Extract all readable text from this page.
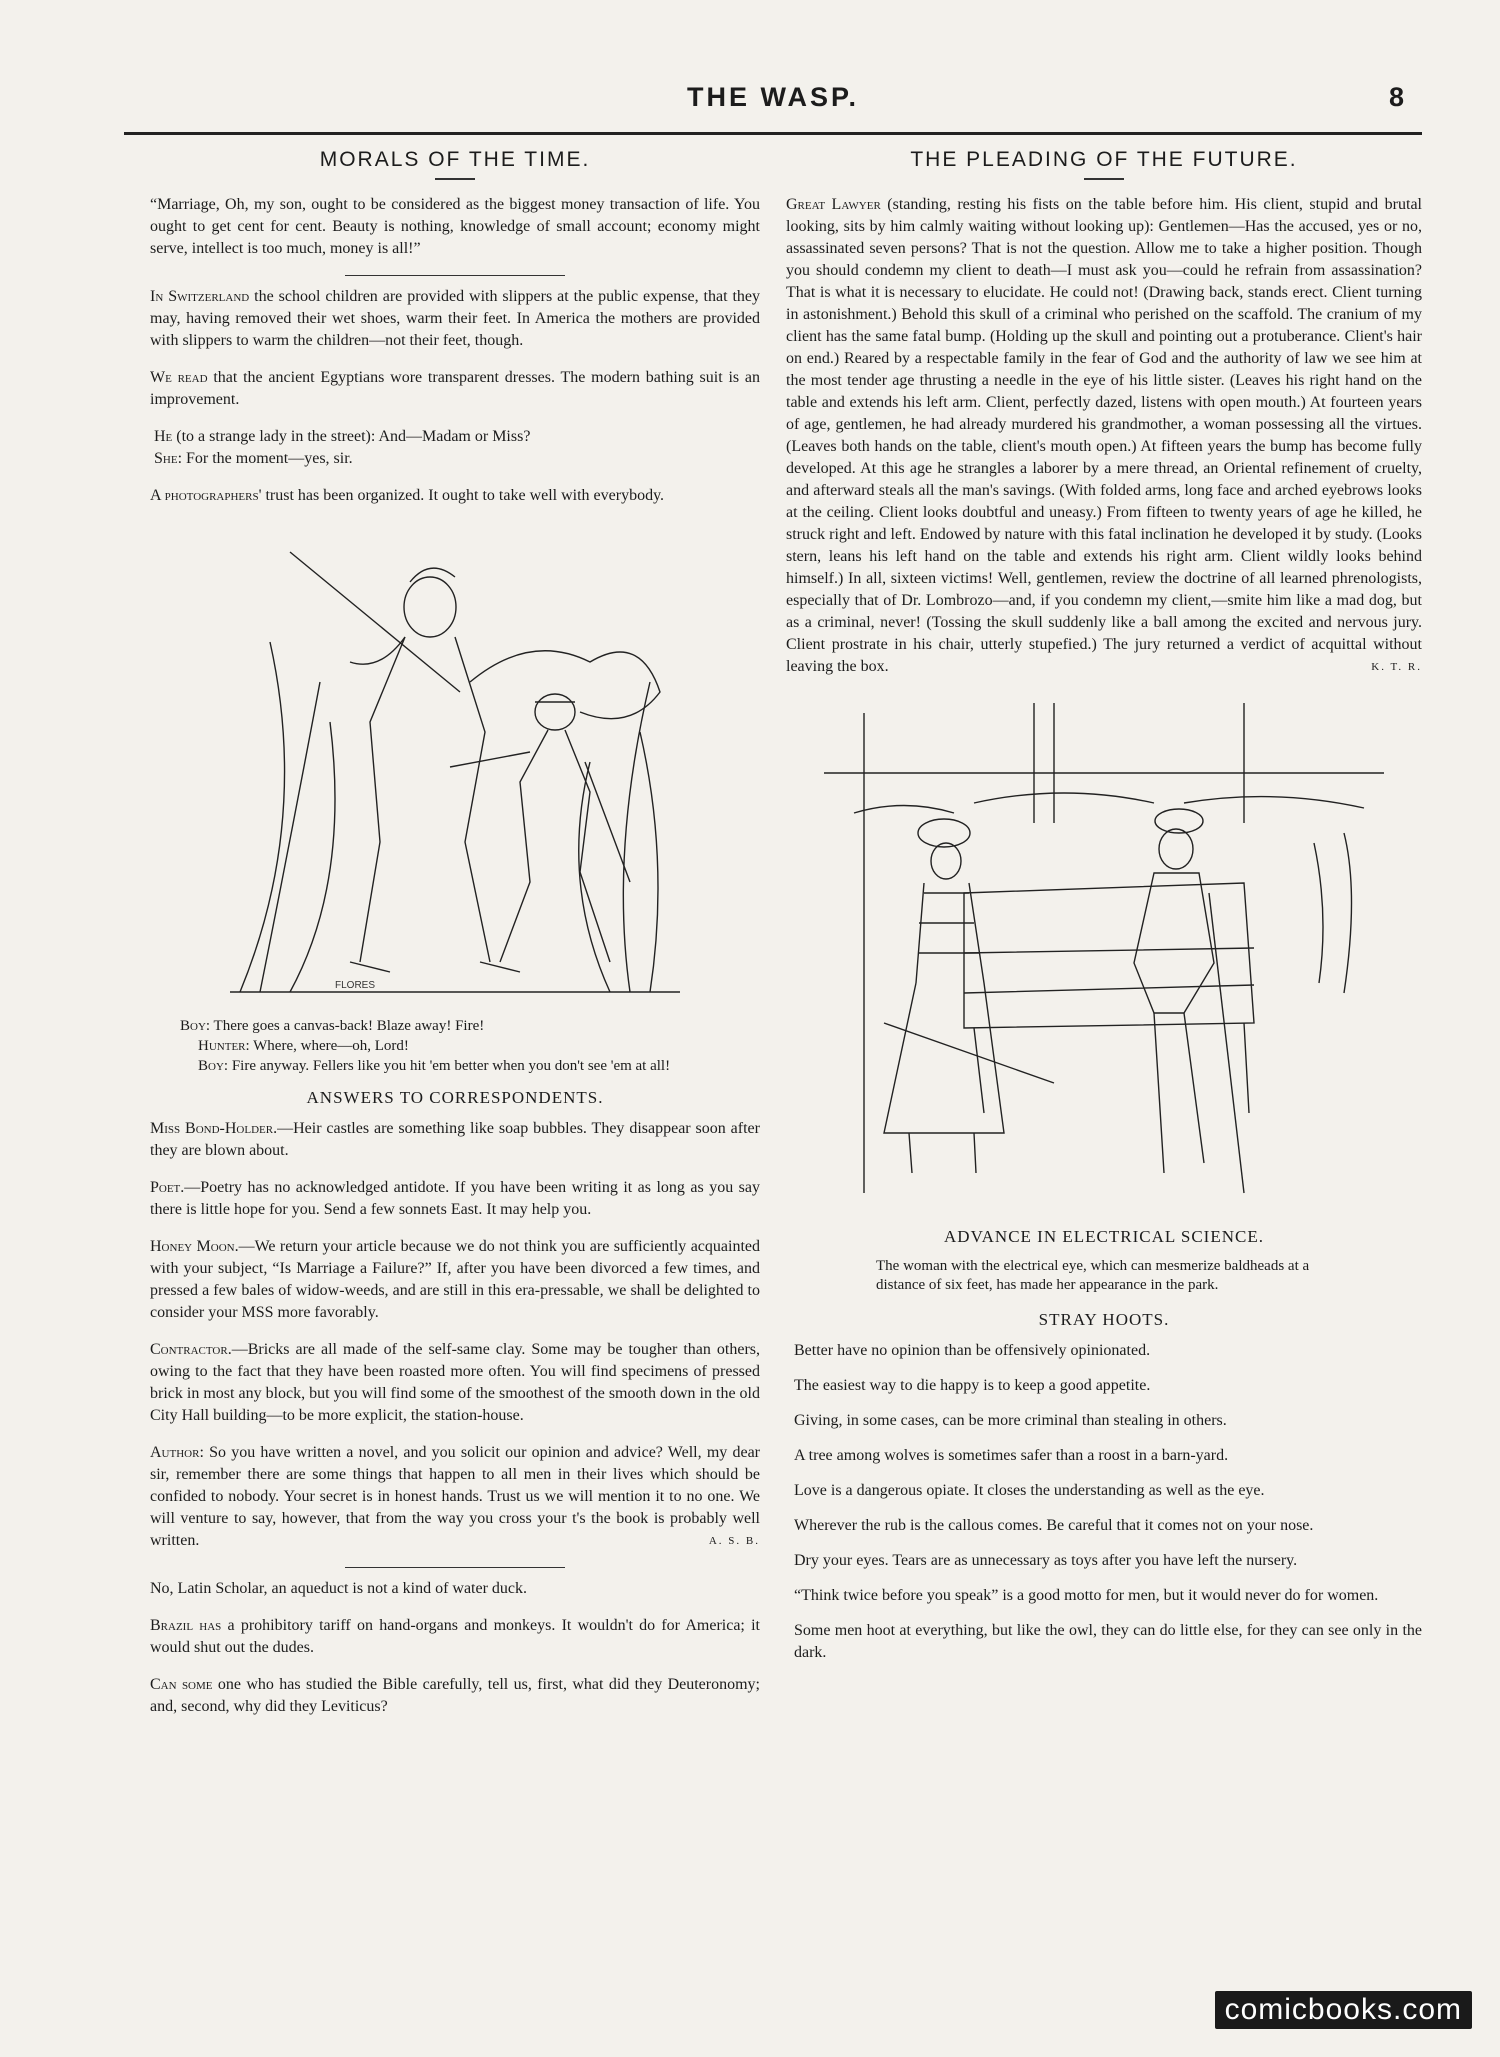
THE WASP.	8
MORALS OF THE TIME.

“Marriage, Oh, my son, ought to be considered as the biggest money transaction of life. You ought to get cent for cent. Beauty is nothing, knowledge of small account; economy might serve, intellect is too much, money is all!”

In Switzerland the school children are provided with slippers at the public expense, that they may, having removed their wet shoes, warm their feet. In America the mothers are provided with slippers to warm the children—not their feet, though.

We read that the ancient Egyptians wore transparent dresses. The modern bathing suit is an improvement.

He (to a strange lady in the street): And—Madam or Miss?
She: For the moment—yes, sir.

A photographers' trust has been organized. It ought to take well with everybody.

FLORES
Boy: There goes a canvas-back! Blaze away! Fire!
Hunter: Where, where—oh, Lord!
Boy: Fire anyway. Fellers like you hit 'em better when you don't see 'em at all!
ANSWERS TO CORRESPONDENTS.

Miss Bond-Holder.—Heir castles are something like soap bubbles. They disappear soon after they are blown about.

Poet.—Poetry has no acknowledged antidote. If you have been writing it as long as you say there is little hope for you. Send a few sonnets East. It may help you.

Honey Moon.—We return your article because we do not think you are sufficiently acquainted with your subject, “Is Marriage a Failure?” If, after you have been divorced a few times, and pressed a few bales of widow-weeds, and are still in this era-pressable, we shall be delighted to consider your MSS more favorably.

Contractor.—Bricks are all made of the self-same clay. Some may be tougher than others, owing to the fact that they have been roasted more often. You will find specimens of pressed brick in most any block, but you will find some of the smoothest of the smooth down in the old City Hall building—to be more explicit, the station-house.

Author: So you have written a novel, and you solicit our opinion and advice? Well, my dear sir, remember there are some things that happen to all men in their lives which should be confided to nobody. Your secret is in honest hands. Trust us we will mention it to no one. We will venture to say, however, that from the way you cross your t's the book is probably well written.	A. S. B.

No, Latin Scholar, an aqueduct is not a kind of water duck.

Brazil has a prohibitory tariff on hand-organs and monkeys. It wouldn't do for America; it would shut out the dudes.

Can some one who has studied the Bible carefully, tell us, first, what did they Deuteronomy; and, second, why did they Leviticus?

THE PLEADING OF THE FUTURE.

Great Lawyer (standing, resting his fists on the table before him. His client, stupid and brutal looking, sits by him calmly waiting without looking up): Gentlemen—Has the accused, yes or no, assassinated seven persons? That is not the question. Allow me to take a higher position. Though you should condemn my client to death—I must ask you—could he refrain from assassination? That is what it is necessary to elucidate. He could not! (Drawing back, stands erect. Client turning in astonishment.) Behold this skull of a criminal who perished on the scaffold. The cranium of my client has the same fatal bump. (Holding up the skull and pointing out a protuberance. Client's hair on end.) Reared by a respectable family in the fear of God and the authority of law we see him at the most tender age thrusting a needle in the eye of his little sister. (Leaves his right hand on the table and extends his left arm. Client, perfectly dazed, listens with open mouth.) At fourteen years of age, gentlemen, he had already murdered his grandmother, a woman possessing all the virtues. (Leaves both hands on the table, client's mouth open.) At fifteen years the bump has become fully developed. At this age he strangles a laborer by a mere thread, an Oriental refinement of cruelty, and afterward steals all the man's savings. (With folded arms, long face and arched eyebrows looks at the ceiling. Client looks doubtful and uneasy.) From fifteen to twenty years of age he killed, he struck right and left. Endowed by nature with this fatal inclination he developed it by study. (Looks stern, leans his left hand on the table and extends his right arm. Client wildly looks behind himself.) In all, sixteen victims! Well, gentlemen, review the doctrine of all learned phrenologists, especially that of Dr. Lombrozo—and, if you condemn my client,—smite him like a mad dog, but as a criminal, never! (Tossing the skull suddenly like a ball among the excited and nervous jury. Client prostrate in his chair, utterly stupefied.) The jury returned a verdict of acquittal without leaving the box.	K. T. R.

ADVANCE IN ELECTRICAL SCIENCE.

The woman with the electrical eye, which can mesmerize baldheads at a distance of six feet, has made her appearance in the park.

STRAY HOOTS.

Better have no opinion than be offensively opinionated.

The easiest way to die happy is to keep a good appetite.

Giving, in some cases, can be more criminal than stealing in others.

A tree among wolves is sometimes safer than a roost in a barn-yard.

Love is a dangerous opiate. It closes the understanding as well as the eye.

Wherever the rub is the callous comes. Be careful that it comes not on your nose.

Dry your eyes. Tears are as unnecessary as toys after you have left the nursery.

“Think twice before you speak” is a good motto for men, but it would never do for women.

Some men hoot at everything, but like the owl, they can do little else, for they can see only in the dark.

comicbooks.com
